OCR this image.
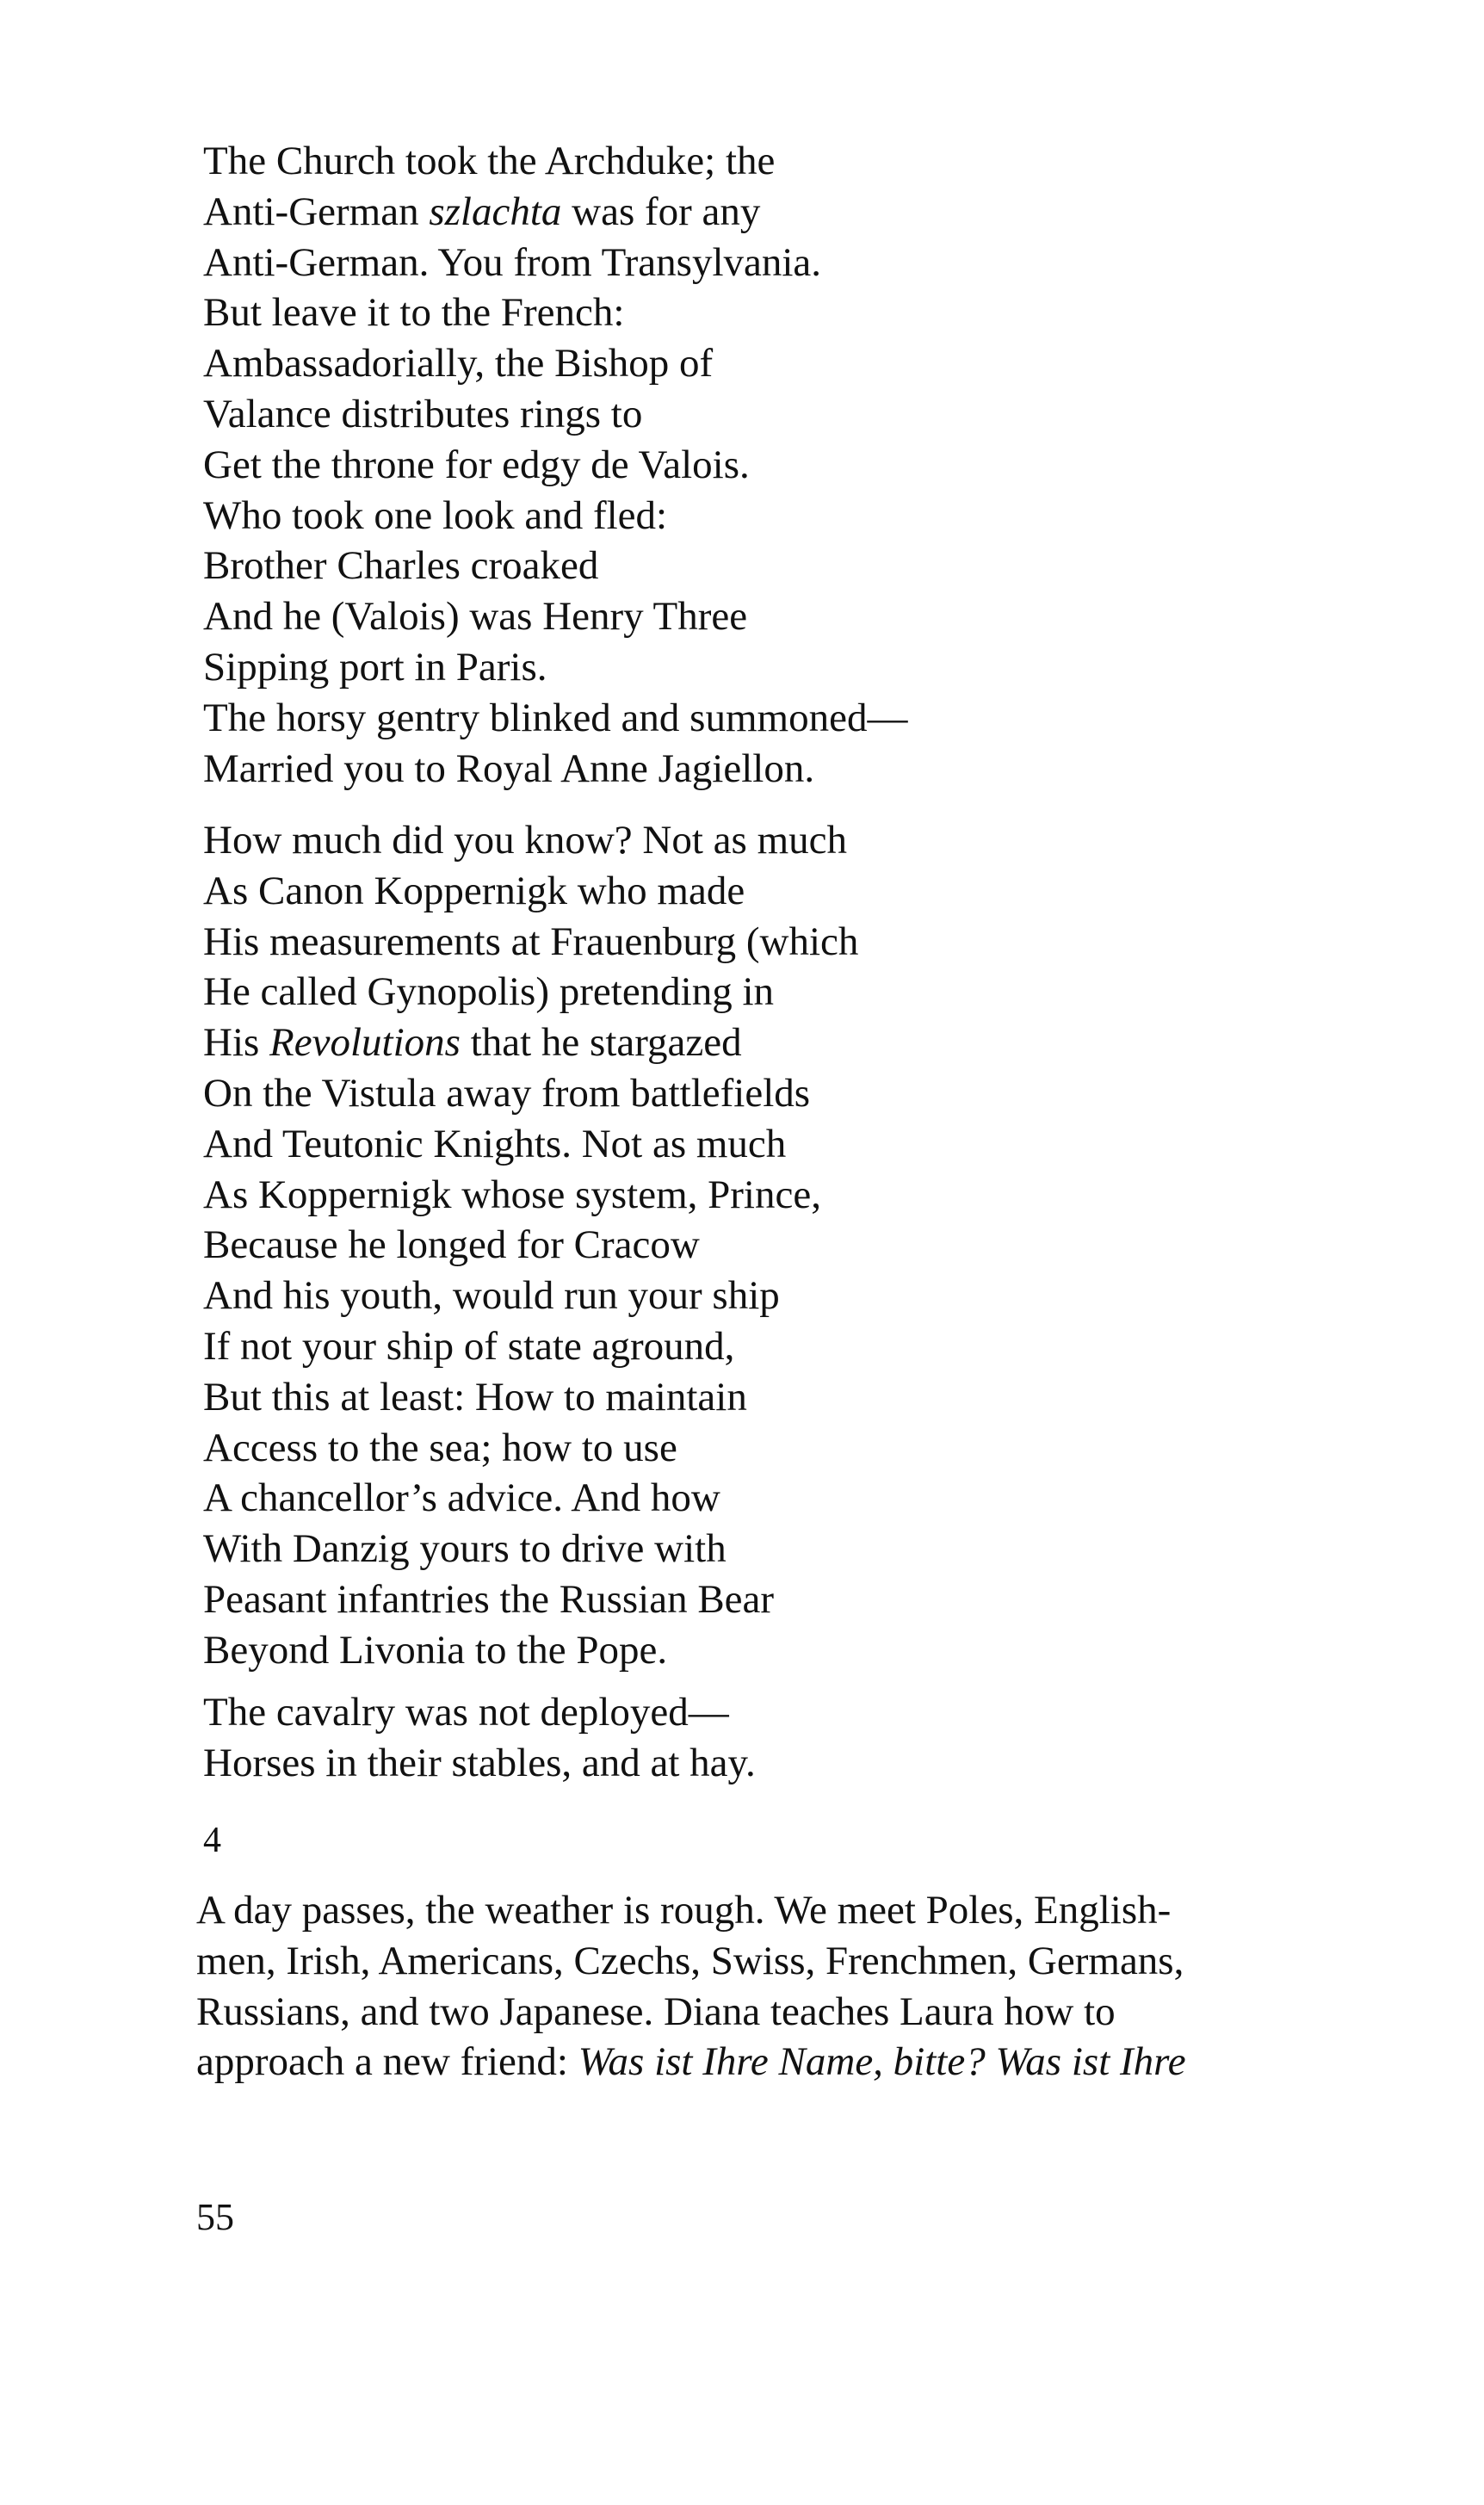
The Church took the Archduke; the
Anti-German szlachta was for any
Anti-German. You from Transylvania.
But leave it to the French:
Ambassadorially, the Bishop of
Valance distributes rings to
Get the throne for edgy de Valois.
Who took one look and fled:
Brother Charles croaked
And he (Valois) was Henry Three
Sipping port in Paris.
The horsy gentry blinked and summoned—
Married you to Royal Anne Jagiellon.
How much did you know? Not as much
As Canon Koppernigk who made
His measurements at Frauenburg (which
He called Gynopolis) pretending in
His Revolutions that he stargazed
On the Vistula away from battlefields
And Teutonic Knights. Not as much
As Koppernigk whose system, Prince,
Because he longed for Cracow
And his youth, would run your ship
If not your ship of state aground,
But this at least: How to maintain
Access to the sea; how to use
A chancellor’s advice. And how
With Danzig yours to drive with
Peasant infantries the Russian Bear
Beyond Livonia to the Pope.
The cavalry was not deployed—
Horses in their stables, and at hay.
4
A day passes, the weather is rough. We meet Poles, English-
men, Irish, Americans, Czechs, Swiss, Frenchmen, Germans,
Russians, and two Japanese. Diana teaches Laura how to
approach a new friend: Was ist Ihre Name, bitte? Was ist Ihre
55
